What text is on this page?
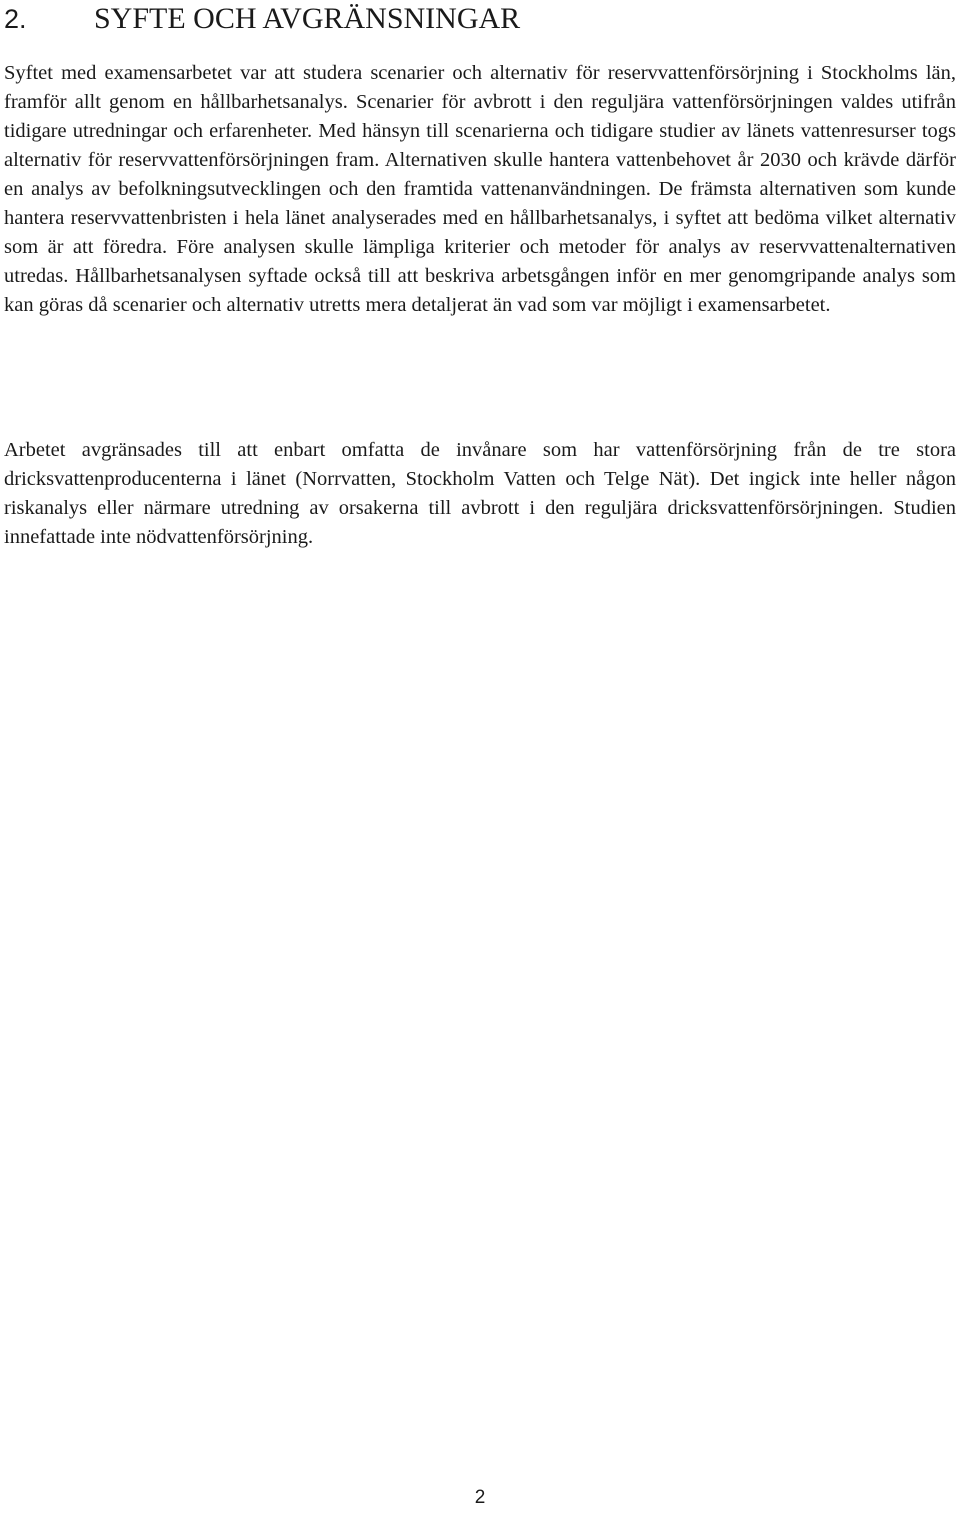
2. SYFTE OCH AVGRÄNSNINGAR

Syftet med examensarbetet var att studera scenarier och alternativ för reservvattenförsörjning i Stockholms län, framför allt genom en hållbarhetsanalys. Scenarier för avbrott i den reguljära vattenförsörjningen valdes utifrån tidigare utredningar och erfarenheter. Med hänsyn till scenarierna och tidigare studier av länets vattenresurser togs alternativ för reservvattenförsörjningen fram. Alternativen skulle hantera vattenbehovet år 2030 och krävde därför en analys av befolkningsutvecklingen och den framtida vattenanvändningen. De främsta alternativen som kunde hantera reservvattenbristen i hela länet analyserades med en hållbarhetsanalys, i syftet att bedöma vilket alternativ som är att föredra. Före analysen skulle lämpliga kriterier och metoder för analys av reservvattenalternativen utredas. Hållbarhetsanalysen syftade också till att beskriva arbetsgången inför en mer genomgripande analys som kan göras då scenarier och alternativ utretts mera detaljerat än vad som var möjligt i examensarbetet.

Arbetet avgränsades till att enbart omfatta de invånare som har vattenförsörjning från de tre stora dricksvattenproducenterna i länet (Norrvatten, Stockholm Vatten och Telge Nät). Det ingick inte heller någon riskanalys eller närmare utredning av orsakerna till avbrott i den reguljära dricksvattenförsörjningen. Studien innefattade inte nödvattenförsörjning.

2
